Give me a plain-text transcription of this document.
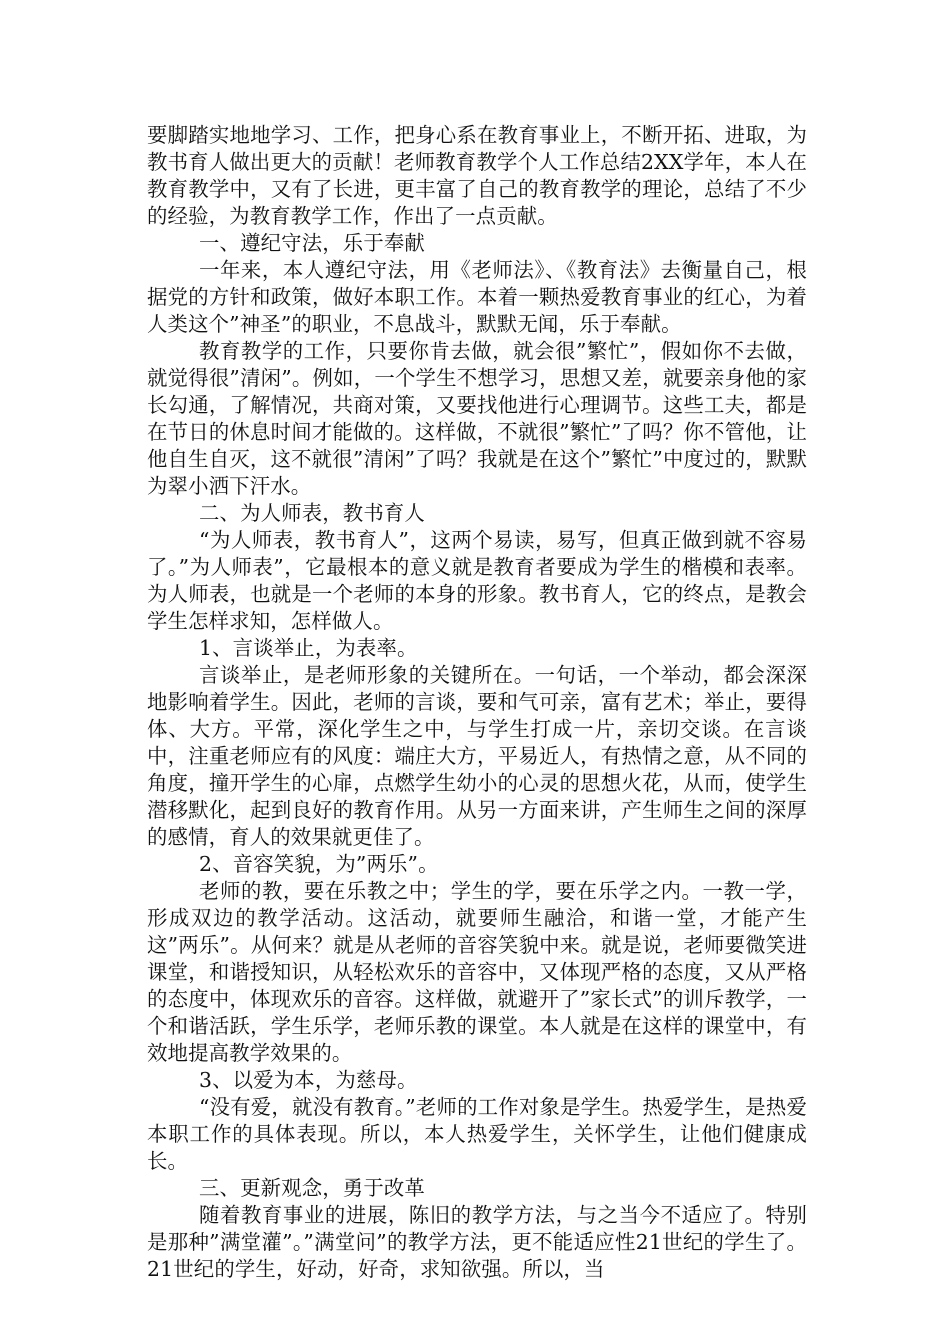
要脚踏实地地学习、工作，把身心系在教育事业上，不断开拓、进取，为教书育人做出更大的贡献！老师教育教学个人工作总结2XX学年，本人在教育教学中，又有了长进，更丰富了自己的教育教学的理论，总结了不少的经验，为教育教学工作，作出了一点贡献。

一、遵纪守法，乐于奉献

一年来，本人遵纪守法，用《老师法》、《教育法》去衡量自己，根据党的方针和政策，做好本职工作。本着一颗热爱教育事业的红心，为着人类这个”神圣”的职业，不息战斗，默默无闻，乐于奉献。

教育教学的工作，只要你肯去做，就会很”繁忙”，假如你不去做，就觉得很”清闲”。例如，一个学生不想学习，思想又差，就要亲身他的家长勾通，了解情况，共商对策，又要找他进行心理调节。这些工夫，都是在节日的休息时间才能做的。这样做，不就很”繁忙”了吗？你不管他，让他自生自灭，这不就很”清闲”了吗？我就是在这个”繁忙”中度过的，默默为翠小洒下汗水。

二、为人师表，教书育人

“为人师表，教书育人”，这两个易读，易写，但真正做到就不容易了。”为人师表”，它最根本的意义就是教育者要成为学生的楷模和表率。为人师表，也就是一个老师的本身的形象。教书育人，它的终点，是教会学生怎样求知，怎样做人。

1、言谈举止，为表率。

言谈举止，是老师形象的关键所在。一句话，一个举动，都会深深地影响着学生。因此，老师的言谈，要和气可亲，富有艺术；举止，要得体、大方。平常，深化学生之中，与学生打成一片，亲切交谈。在言谈中，注重老师应有的风度：端庄大方，平易近人，有热情之意，从不同的角度，撞开学生的心扉，点燃学生幼小的心灵的思想火花，从而，使学生潜移默化，起到良好的教育作用。从另一方面来讲，产生师生之间的深厚的感情，育人的效果就更佳了。

2、音容笑貌，为”两乐”。

老师的教，要在乐教之中；学生的学，要在乐学之内。一教一学，形成双边的教学活动。这活动，就要师生融洽，和谐一堂，才能产生这”两乐”。从何来？就是从老师的音容笑貌中来。就是说，老师要微笑进课堂，和谐授知识，从轻松欢乐的音容中，又体现严格的态度，又从严格的态度中，体现欢乐的音容。这样做，就避开了”家长式”的训斥教学，一个和谐活跃，学生乐学，老师乐教的课堂。本人就是在这样的课堂中，有效地提高教学效果的。

3、以爱为本，为慈母。

“没有爱，就没有教育。”老师的工作对象是学生。热爱学生，是热爱本职工作的具体表现。所以，本人热爱学生，关怀学生，让他们健康成长。

三、更新观念，勇于改革

随着教育事业的进展，陈旧的教学方法，与之当今不适应了。特别是那种”满堂灌”。”满堂问”的教学方法，更不能适应性21世纪的学生了。21世纪的学生，好动，好奇，求知欲强。所以，当
